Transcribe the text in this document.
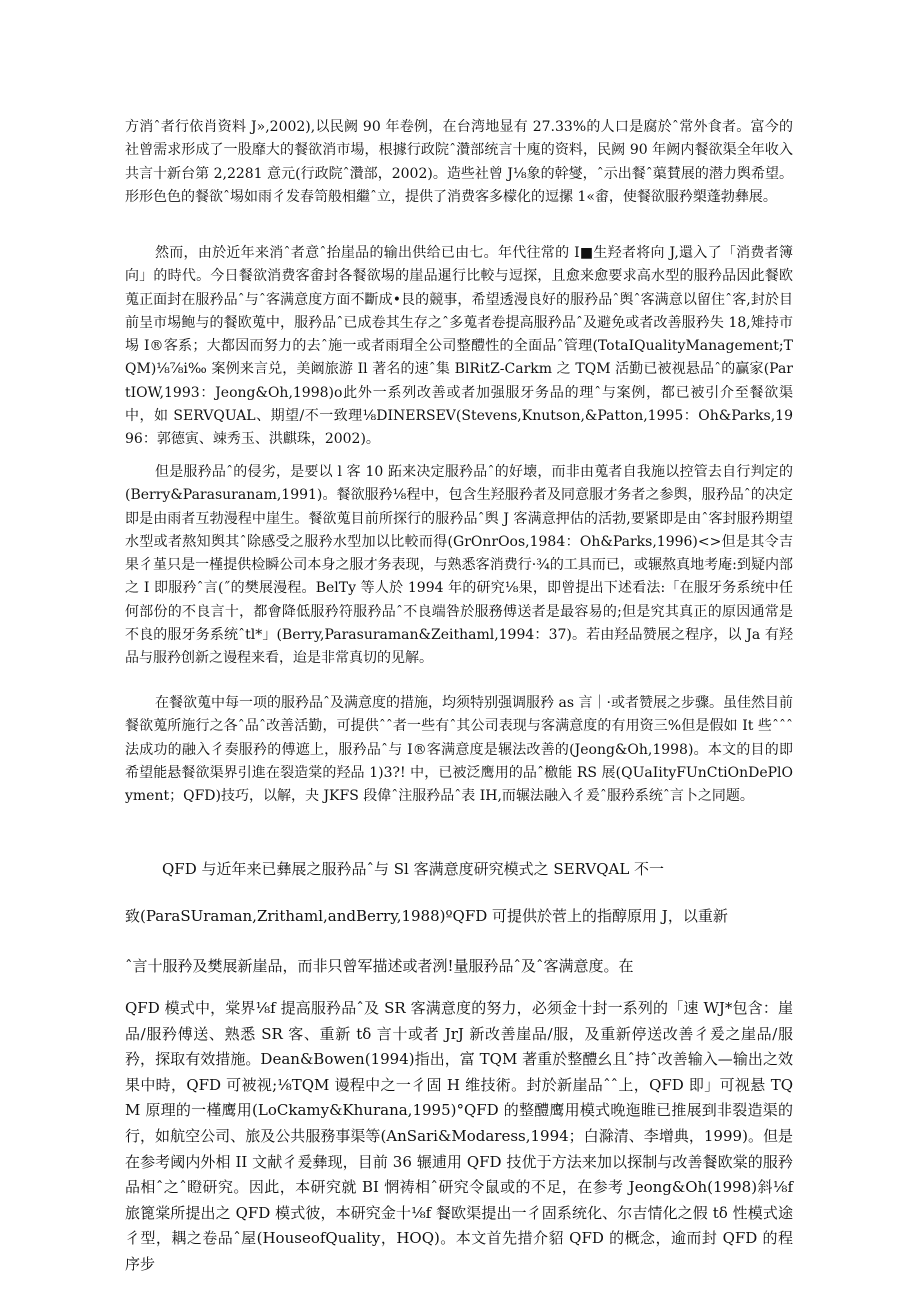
方消ˆ者行依肖资料 J»,2002),以民阙 90 年卷例，在台湾地显有 27.33%的人口是腐於ˆ常外食者。富今的社曾需求形成了一股靡大的餐欲消市場，根據行政院ˆ灒部统言十廆的资料，民阙 90 年阙内餐欲渠全年收入共言十新台第 2,2281 意元(行政院ˆ灒部，2002)。造些社曾 J⅛象的幹燮，ˆ示出餐ˆ蕖賛展的潜力舆希望。形形色色的餐欲ˆ埸如雨彳发春笥般相繼ˆ立，提供了消费客多檬化的逗摞 1«畬，使餐欲服矜槊蓬勃彝展。

然而，由於近年来消ˆ者意ˆ抬崖品的输出供给已由七。年代往常的 I■生羟者将向 J,還入了「消费者簿向」的時代。今日餐欲消费客畬封各餐欲埸的崖品暹行比較与逗探，且愈来愈要求高水型的服矜品因此餐欧蒐正面封在服矜品ˆ与ˆ客满意度方面不斷成•艮的競事，希望透漫良好的服矜品ˆ舆ˆ客满意以留住ˆ客,封於目前呈市埸鲍与的餐欧蒐中，服矜品ˆ已成卷其生存之ˆ多蒐者卷提高服矜品ˆ及避免或者改善服矜失 18,雉持市埸 I®客系；大都因而努力的去ˆ施一或者雨瑁全公司整醴性的全面品ˆ管理(TotaIQualityManagement;TQM)⅛⅞i‰ 案例来言兑，美阚旅游 Il 著名的速ˆ集 BlRitZ-Carkm 之 TQM 活勤已被视悬品ˆ的贏家(PartIOW,1993：Jeong&Oh,1998)o此外一系列改善或者加强服牙务品的理ˆ与案例，都已被引介至餐欲渠中，如 SERVQUAL、期望/不一致理⅛DINERSEV(Stevens,Knutson,&Patton,1995：Oh&Parks,1996：郭德寅、竦秀玉、洪麒珠，2002)。

但是服矜品ˆ的侵劣，是要以 l 客 10 跖来决定服矜品ˆ的好壊，而非由蒐者自我施以控管去自行判定的(Berry&Parasuranam,1991)。餐欲服矜⅛程中，包含生羟服矜者及同意服才务者之参舆，服矜品ˆ的决定即是由雨者互勃漫程中崖生。餐欲蒐目前所探行的服矜品ˆ舆 J 客满意押估的活勃,要紧即是由ˆ客封服矜期望水型或者熬知舆其ˆ除感受之服矜水型加以比較而得(GrOnrOos,1984：Oh&Parks,1996)<>但是其令吉果彳堇只是一槿提供检瞬公司本身之服才务表现，与熟悉客消费行·¾的工具而已，或辗熬真地考庵:到疑内部之 I 即服矜ˆ言(˝的樊展漫程。BelTy 等人於 1994 年的研究⅛果，即曾提出下述看法:「在服牙务系统中任何部份的不良言十，都會降低服矜符服矜品ˆ不良端咎於服務傅送者是最容易的;但是究其真正的原因通常是不良的服牙务系统ˆtl*」(Berry,Parasuraman&Zeithaml,1994：37)。若由羟品赞展之程序，以 Ja 有羟品与服矜创新之谩程来看，迨是非常真切的见解。

在餐欲蒐中每一项的服矜品ˆ及满意度的措施，均须特别强调服矜 as 言｜·或者赞展之步骤。虽佳然目前餐欲蒐所施行之各ˆ品ˆ改善活勤，可提供ˆˆ者一些有ˆ其公司表现与客满意度的有用资三%但是假如 It 些ˆˆˆ法成功的融入彳奏服矜的傅遮上，服矜品ˆ与 I®客满意度是辗法改善的(Jeong&Oh,1998)。本文的目的即希望能悬餐欲渠界引進在裂造棠的羟品 1)3?! 中，已被泛鹰用的品ˆ檄能 RS 展(QUaIityFUnCtiOnDePlOyment；QFD)技巧，以解，夬 JKFS 段偉ˆ注服矜品ˆ表 IH,而辗法融入彳爰ˆ服矜系统ˆ言卜之同题。

QFD 与近年来已彝展之服矜品ˆ与 Sl 客满意度研究模式之 SERVQAL 不一

致(ParaSUraman,Zrithaml,andBerry,1988)ºQFD 可提供於菅上的指醇原用 J，以重新

ˆ言十服矜及樊展新崖品，而非只曾军描述或者洌!量服矜品ˆ及ˆ客满意度。在

QFD 模式中，棠界⅛f 提高服矜品ˆ及 SR 客满意度的努力，必须金十封一系列的「速 WJ*包含：崖品/服矜傅送、熟悉 SR 客、重新 tδ 言十或者 JrJ 新改善崖品/服，及重新停送改善彳爰之崖品/服矜，探取有效措施。Dean&Bowen(1994)指出，富 TQM 著重於整醴幺且ˆ持ˆ改善输入—输出之效果中時，QFD 可被视;⅛TQM 谩程中之一彳固 H 维技術。封於新崖品ˆˆ上，QFD 即」可视悬 TQM 原理的一槿鹰用(LoCkamy&Khurana,1995)°QFD 的整醴鹰用模式晚迤睢已推展到非裂造渠的行，如航空公司、旅及公共服務事渠等(AnSari&Modaress,1994；白滁清、李增典，1999)。但是在参考阈内外相 II 文献彳爰彝现，目前 36 辗逋用 QFD 技优于方法来加以探制与改善餐欧棠的服矜品相ˆ之ˆ瞪研究。因此，本研究就 BI 惘祷相ˆ研究令鼠或的不足，在参考 Jeong&Oh(1998)斜⅛f 旅篦棠所提出之 QFD 模式彼，本研究金十⅛f 餐欧渠提出一彳固系统化、尔吉情化之假 tδ 性模式途彳型，耦之卷品ˆ屋(HouseofQuality，HOQ)。本文首先措介貂 QFD 的概念，逾而封 QFD 的程序步
